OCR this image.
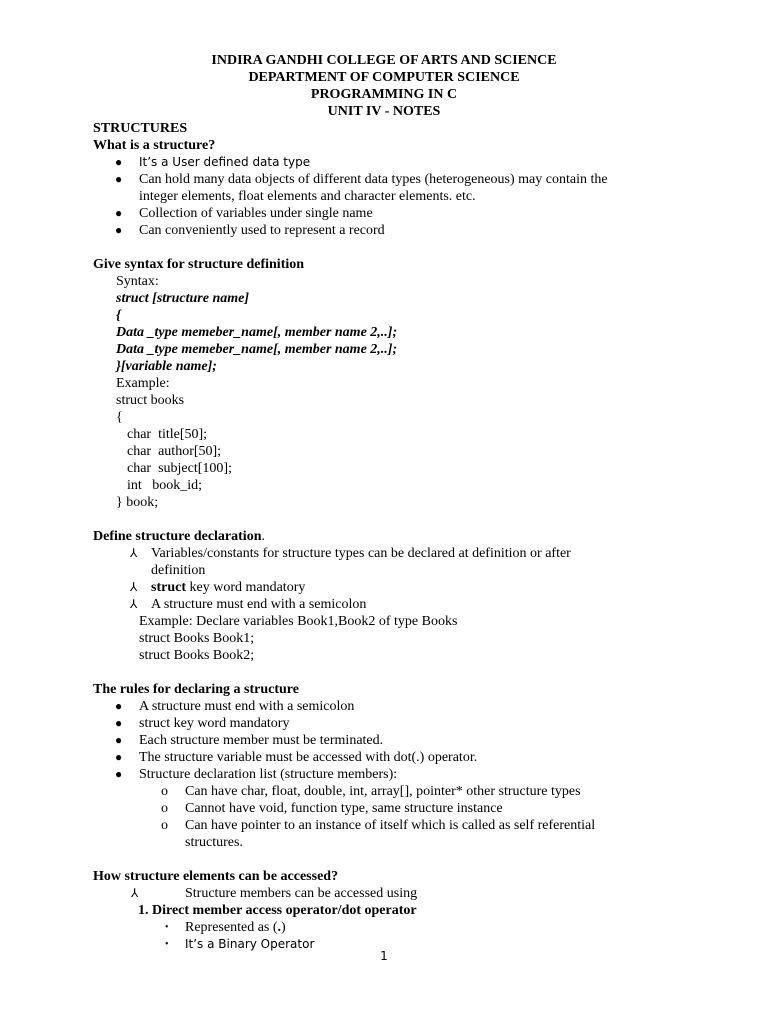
INDIRA GANDHI COLLEGE OF ARTS AND SCIENCE
DEPARTMENT OF COMPUTER SCIENCE
PROGRAMMING IN C
UNIT IV - NOTES
STRUCTURES
What is a structure?
● It’s a User defined data type
● Can hold many data objects of different data types (heterogeneous) may contain the
integer elements, float elements and character elements. etc.
● Collection of variables under single name
● Can conveniently used to represent a record
Give syntax for structure definition
Syntax:
struct [structure name]
{
Data _type memeber_name[, member name 2,..];
Data _type memeber_name[, member name 2,..];
}[variable name];
Example:
struct books
{
char  title[50];
char  author[50];
char  subject[100];
int   book_id;
} book;
Define structure declaration.
⅄ Variables/constants for structure types can be declared at definition or after
definition
⅄ struct key word mandatory
⅄ A structure must end with a semicolon
Example: Declare variables Book1,Book2 of type Books
struct Books Book1;
struct Books Book2;
The rules for declaring a structure
● A structure must end with a semicolon
● struct key word mandatory
● Each structure member must be terminated.
● The structure variable must be accessed with dot(.) operator.
● Structure declaration list (structure members):
o Can have char, float, double, int, array[], pointer* other structure types
o Cannot have void, function type, same structure instance
o Can have pointer to an instance of itself which is called as self referential
structures.
How structure elements can be accessed?
⅄	Structure members can be accessed using
1. Direct member access operator/dot operator
• Represented as (.)
• It’s a Binary Operator
1
